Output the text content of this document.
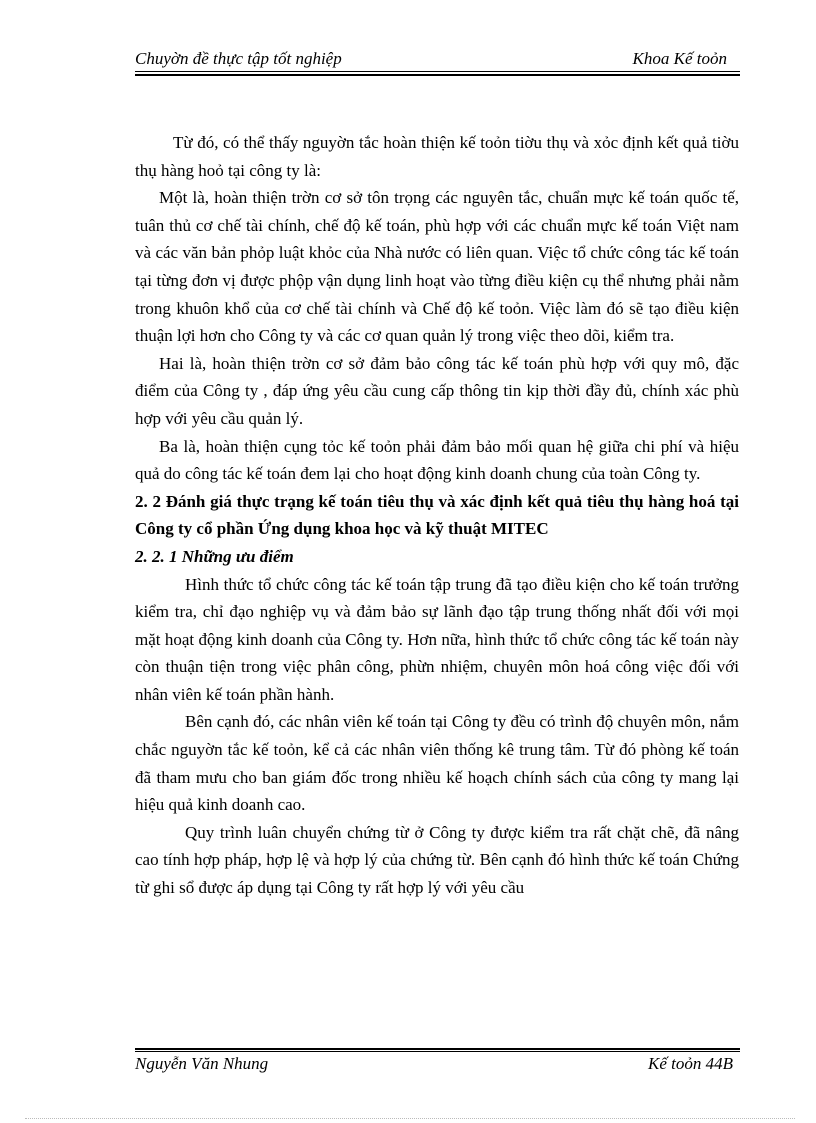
Chuyờn đề thực tập tốt nghiệp	Khoa Kế toỏn

Từ đó, có thể thấy nguyờn tắc hoàn thiện kế toỏn tiờu thụ và xỏc định kết quả tiờu thụ hàng hoỏ tại công ty là:

Một là, hoàn thiện trờn cơ sở tôn trọng các nguyên tắc, chuẩn mực kế toán quốc tế, tuân thủ cơ chế tài chính, chế độ kế toán, phù hợp với các chuẩn mực kế toán Việt nam và các văn bản phỏp luật khỏc của Nhà nước có liên quan. Việc tổ chức công tác kế toán tại từng đơn vị được phộp vận dụng linh hoạt vào từng điều kiện cụ thể nhưng phải nằm trong khuôn khổ của cơ chế tài chính và Chế độ kế toỏn. Việc làm đó sẽ tạo điều kiện thuận lợi hơn cho Công ty và các cơ quan quản lý trong việc theo dõi, kiểm tra.

Hai là, hoàn thiện trờn cơ sở đảm bảo công tác kế toán phù hợp với quy mô, đặc điểm của Công ty , đáp ứng yêu cầu cung cấp thông tin kịp thời đầy đủ, chính xác phù hợp với yêu cầu quản lý.

Ba là, hoàn thiện cụng tỏc kế toỏn phải đảm bảo mối quan hệ giữa chi phí và hiệu quả do công tác kế toán đem lại cho hoạt động kinh doanh chung của toàn Công ty.

2. 2 Đánh giá thực trạng kế toán tiêu thụ và xác định kết quả tiêu thụ hàng hoá tại Công ty cổ phần Ứng dụng khoa học và kỹ thuật MITEC

2. 2. 1 Những ưu điểm

Hình thức tổ chức công tác kế toán tập trung đã tạo điều kiện cho kế toán trưởng kiểm tra, chỉ đạo nghiệp vụ và đảm bảo sự lãnh đạo tập trung thống nhất đối với mọi mặt hoạt động kinh doanh của Công ty. Hơn nữa, hình thức tổ chức công tác kế toán này còn thuận tiện trong việc phân công, phừn nhiệm, chuyên môn hoá công việc đối với nhân viên kế toán phần hành.

Bên cạnh đó, các nhân viên kế toán tại Công ty đều có trình độ chuyên môn, nắm chắc nguyờn tắc kế toỏn, kể cả các nhân viên thống kê trung tâm. Từ đó phòng kế toán đã tham mưu cho ban giám đốc trong nhiều kế hoạch chính sách của công ty mang lại hiệu quả kinh doanh cao.

Quy trình luân chuyển chứng từ ở Công ty được kiểm tra rất chặt chẽ, đã nâng cao tính hợp pháp, hợp lệ và hợp lý của chứng từ. Bên cạnh đó hình thức kế toán Chứng từ ghi sổ được áp dụng tại Công ty rất hợp lý với yêu cầu

Nguyễn Văn Nhung	Kế toỏn 44B
